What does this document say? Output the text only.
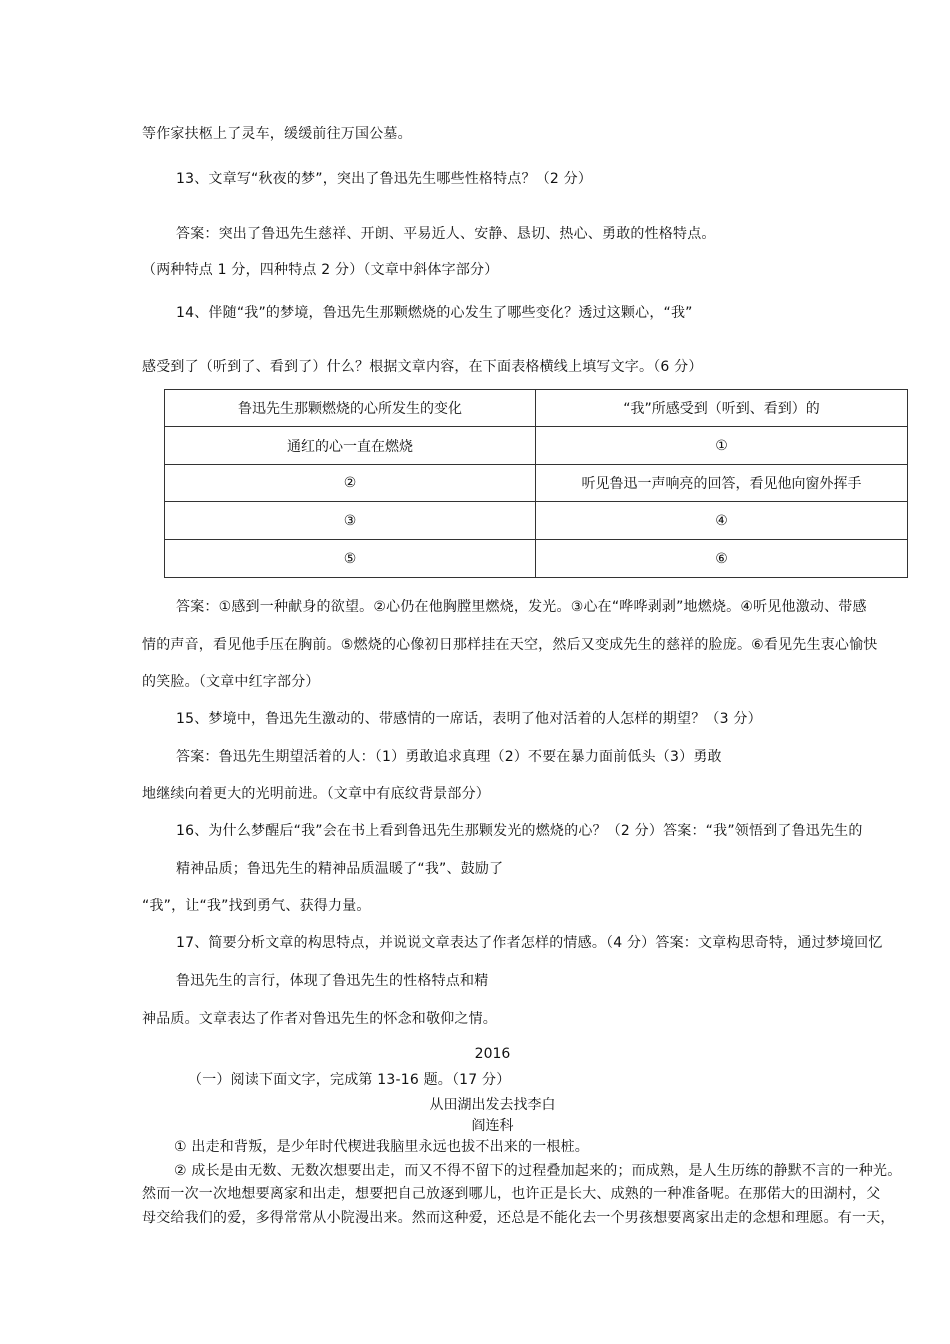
等作家扶柩上了灵车，缓缓前往万国公墓。
13、文章写“秋夜的梦”，突出了鲁迅先生哪些性格特点？（2 分）
答案：突出了鲁迅先生慈祥、开朗、平易近人、安静、恳切、热心、勇敢的性格特点。
（两种特点 1 分，四种特点 2 分）（文章中斜体字部分）
14、伴随“我”的梦境，鲁迅先生那颗燃烧的心发生了哪些变化？透过这颗心，“我”
感受到了（听到了、看到了）什么？根据文章内容，在下面表格横线上填写文字。（6 分）
鲁迅先生那颗燃烧的心所发生的变化	“我”所感受到（听到、看到）的
通红的心一直在燃烧	①
②	听见鲁迅一声响亮的回答，看见他向窗外挥手
③	④
⑤	⑥
答案：①感到一种献身的欲望。②心仍在他胸膛里燃烧，发光。③心在“哗哗剥剥”地燃烧。④听见他激动、带感
情的声音，看见他手压在胸前。⑤燃烧的心像初日那样挂在天空，然后又变成先生的慈祥的脸庞。⑥看见先生衷心愉快
的笑脸。（文章中红字部分）
15、梦境中，鲁迅先生激动的、带感情的一席话，表明了他对活着的人怎样的期望？（3 分）
答案：鲁迅先生期望活着的人：（1）勇敢追求真理（2）不要在暴力面前低头（3）勇敢
地继续向着更大的光明前进。（文章中有底纹背景部分）
16、为什么梦醒后“我”会在书上看到鲁迅先生那颗发光的燃烧的心？（2 分）答案：“我”领悟到了鲁迅先生的
精神品质；鲁迅先生的精神品质温暖了“我”、鼓励了
“我”，让“我”找到勇气、获得力量。
17、简要分析文章的构思特点，并说说文章表达了作者怎样的情感。（4 分）答案：文章构思奇特，通过梦境回忆
鲁迅先生的言行，体现了鲁迅先生的性格特点和精
神品质。文章表达了作者对鲁迅先生的怀念和敬仰之情。
2016
（一）阅读下面文字，完成第 13-16 题。（17 分）
从田湖出发去找李白
阎连科
① 出走和背叛，是少年时代楔进我脑里永远也拔不出来的一根桩。
② 成长是由无数、无数次想要出走，而又不得不留下的过程叠加起来的；而成熟，是人生历练的静默不言的一种光。
然而一次一次地想要离家和出走，想要把自己放逐到哪儿，也许正是长大、成熟的一种准备呢。在那偌大的田湖村，父
母交给我们的爱，多得常常从小院漫出来。然而这种爱，还总是不能化去一个男孩想要离家出走的念想和理愿。有一天，
